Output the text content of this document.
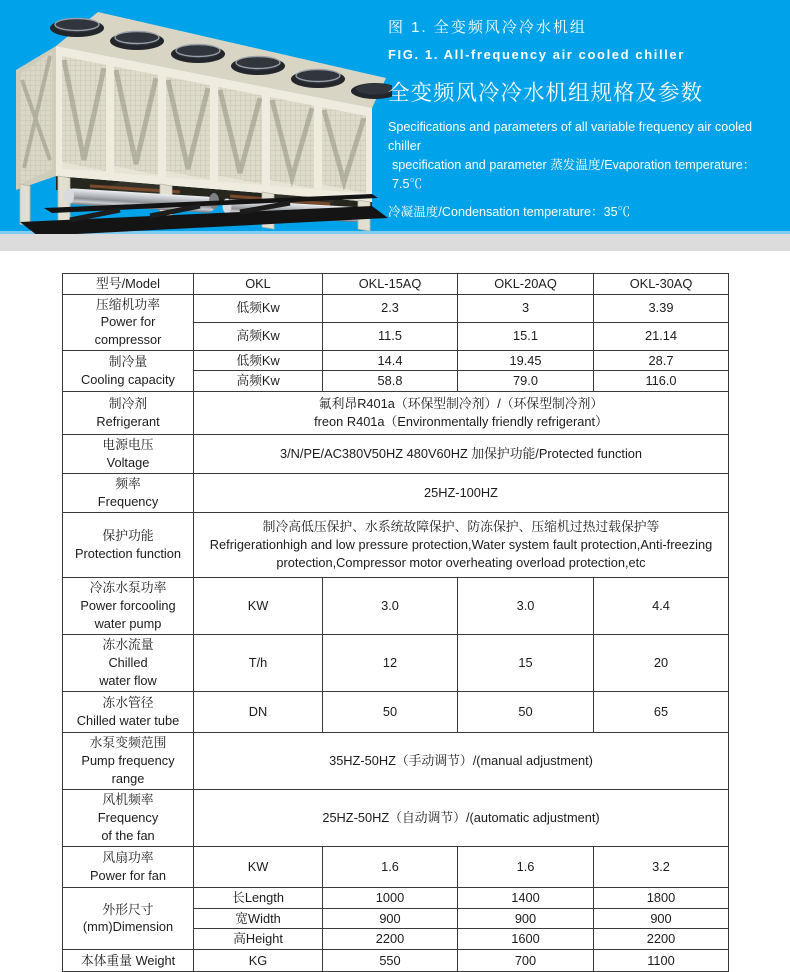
图 1. 全变频风冷冷水机组

FIG. 1. All-frequency air cooled chiller

全变频风冷冷水机组规格及参数

Specifications and parameters of all variable frequency air cooled chiller

specification and parameter 蒸发温度/Evaporation temperature：7.5℃

冷凝温度/Condensation temperature：35℃

型号/Model	OKL	OKL-15AQ	OKL-20AQ	OKL-30AQ

压缩机功率
Power for compressor	低频Kw	2.3	3	3.39
	高频Kw	11.5	15.1	21.14

制冷量
Cooling capacity	低频Kw	14.4	19.45	28.7
	高频Kw	58.8	79.0	116.0

制冷剂
Refrigerant	氟利昂R401a（环保型制冷剂）/（环保型制冷剂）
freon R401a（Environmentally friendly refrigerant）			

电源电压
Voltage	3/N/PE/AC380V50HZ 480V60HZ 加保护功能/Protected function			

频率
Frequency	25HZ-100HZ			

保护功能
Protection function	制冷高低压保护、水系统故障保护、防冻保护、压缩机过热过载保护等
Refrigerationhigh and low pressure protection,Water system fault protection,Anti-freezing protection,Compressor motor overheating overload protection,etc			

冷冻水泵功率
Power forcooling
water pump	KW	3.0	3.0	4.4

冻水流量
Chilled
water flow	T/h	12	15	20

冻水管径
Chilled water tube	DN	50	50	65

水泵变频范围
Pump frequency
range	35HZ-50HZ（手动调节）/(manual adjustment)			

风机频率
Frequency
of the fan	25HZ-50HZ（自动调节）/(automatic adjustment)			

风扇功率
Power for fan	KW	1.6	1.6	3.2

外形尺寸
(mm)Dimension	长Length	1000	1400	1800
	宽Width	900	900	900
	高Height	2200	1600	2200
本体重量 Weight	KG	550	700	1100
